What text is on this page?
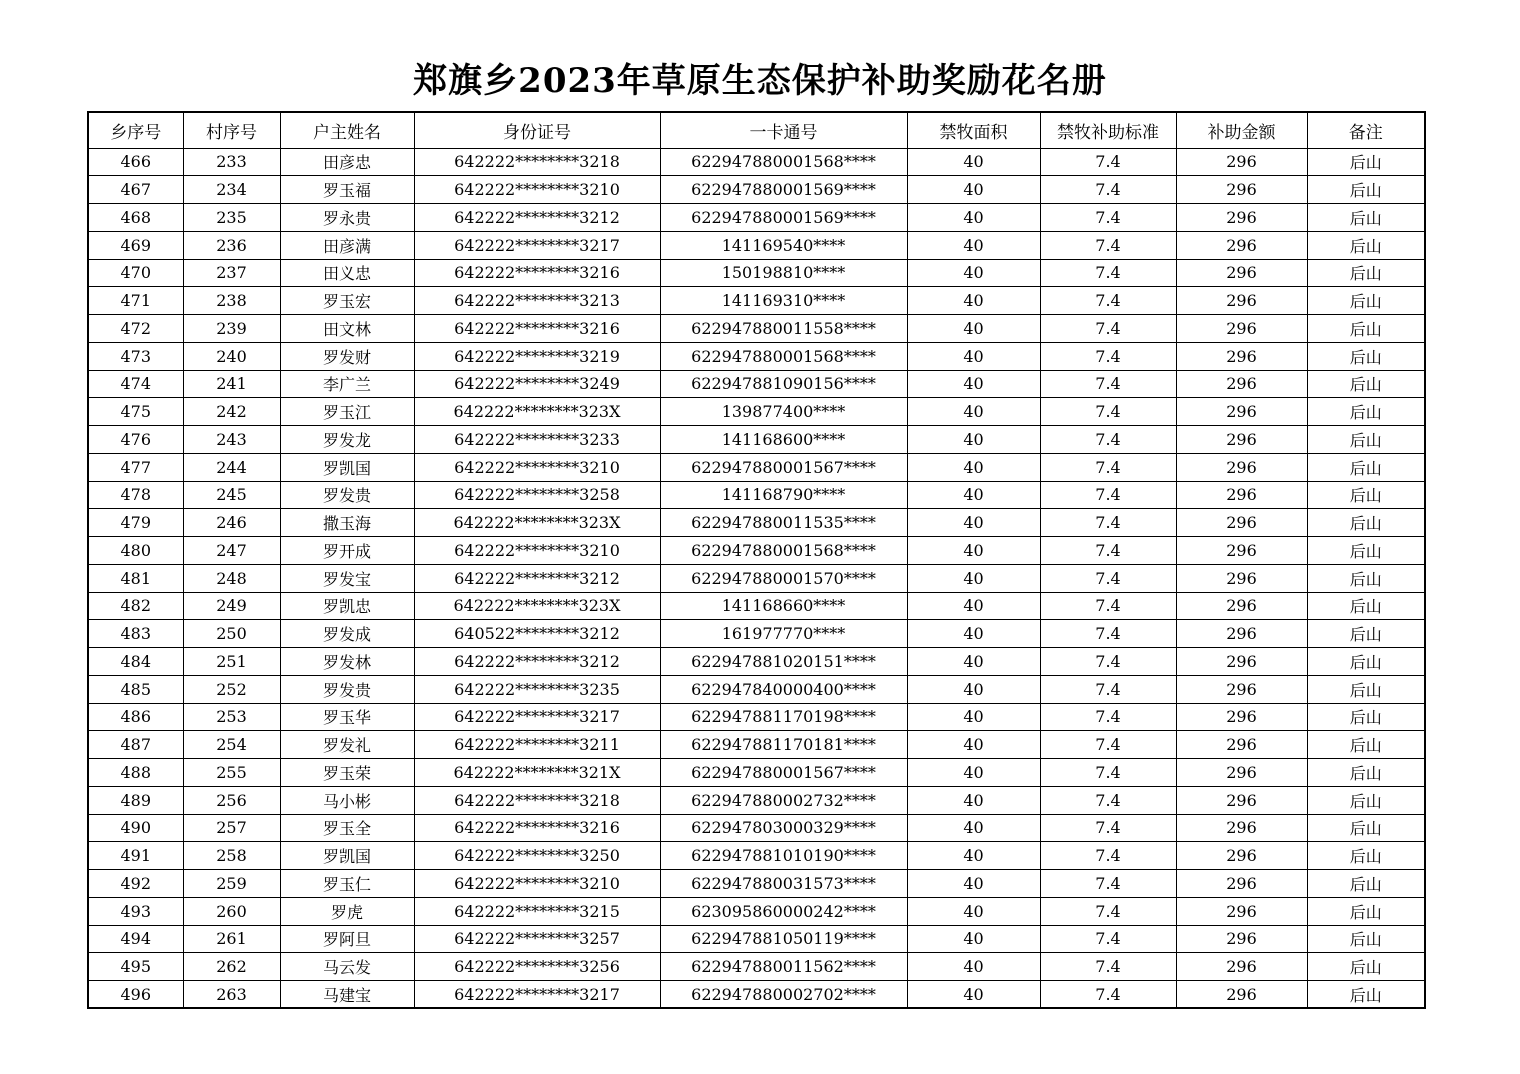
郑旗乡2023年草原生态保护补助奖励花名册
乡序号	村序号	户主姓名	身份证号	一卡通号	禁牧面积	禁牧补助标准	补助金额	备注
466	233	田彦忠	642222********3218	622947880001568****	40	7.4	296	后山
467	234	罗玉福	642222********3210	622947880001569****	40	7.4	296	后山
468	235	罗永贵	642222********3212	622947880001569****	40	7.4	296	后山
469	236	田彦满	642222********3217	141169540****	40	7.4	296	后山
470	237	田义忠	642222********3216	150198810****	40	7.4	296	后山
471	238	罗玉宏	642222********3213	141169310****	40	7.4	296	后山
472	239	田文林	642222********3216	622947880011558****	40	7.4	296	后山
473	240	罗发财	642222********3219	622947880001568****	40	7.4	296	后山
474	241	李广兰	642222********3249	622947881090156****	40	7.4	296	后山
475	242	罗玉江	642222********323X	139877400****	40	7.4	296	后山
476	243	罗发龙	642222********3233	141168600****	40	7.4	296	后山
477	244	罗凯国	642222********3210	622947880001567****	40	7.4	296	后山
478	245	罗发贵	642222********3258	141168790****	40	7.4	296	后山
479	246	撒玉海	642222********323X	622947880011535****	40	7.4	296	后山
480	247	罗开成	642222********3210	622947880001568****	40	7.4	296	后山
481	248	罗发宝	642222********3212	622947880001570****	40	7.4	296	后山
482	249	罗凯忠	642222********323X	141168660****	40	7.4	296	后山
483	250	罗发成	640522********3212	161977770****	40	7.4	296	后山
484	251	罗发林	642222********3212	622947881020151****	40	7.4	296	后山
485	252	罗发贵	642222********3235	622947840000400****	40	7.4	296	后山
486	253	罗玉华	642222********3217	622947881170198****	40	7.4	296	后山
487	254	罗发礼	642222********3211	622947881170181****	40	7.4	296	后山
488	255	罗玉荣	642222********321X	622947880001567****	40	7.4	296	后山
489	256	马小彬	642222********3218	622947880002732****	40	7.4	296	后山
490	257	罗玉全	642222********3216	622947803000329****	40	7.4	296	后山
491	258	罗凯国	642222********3250	622947881010190****	40	7.4	296	后山
492	259	罗玉仁	642222********3210	622947880031573****	40	7.4	296	后山
493	260	罗虎	642222********3215	623095860000242****	40	7.4	296	后山
494	261	罗阿旦	642222********3257	622947881050119****	40	7.4	296	后山
495	262	马云发	642222********3256	622947880011562****	40	7.4	296	后山
496	263	马建宝	642222********3217	622947880002702****	40	7.4	296	后山
